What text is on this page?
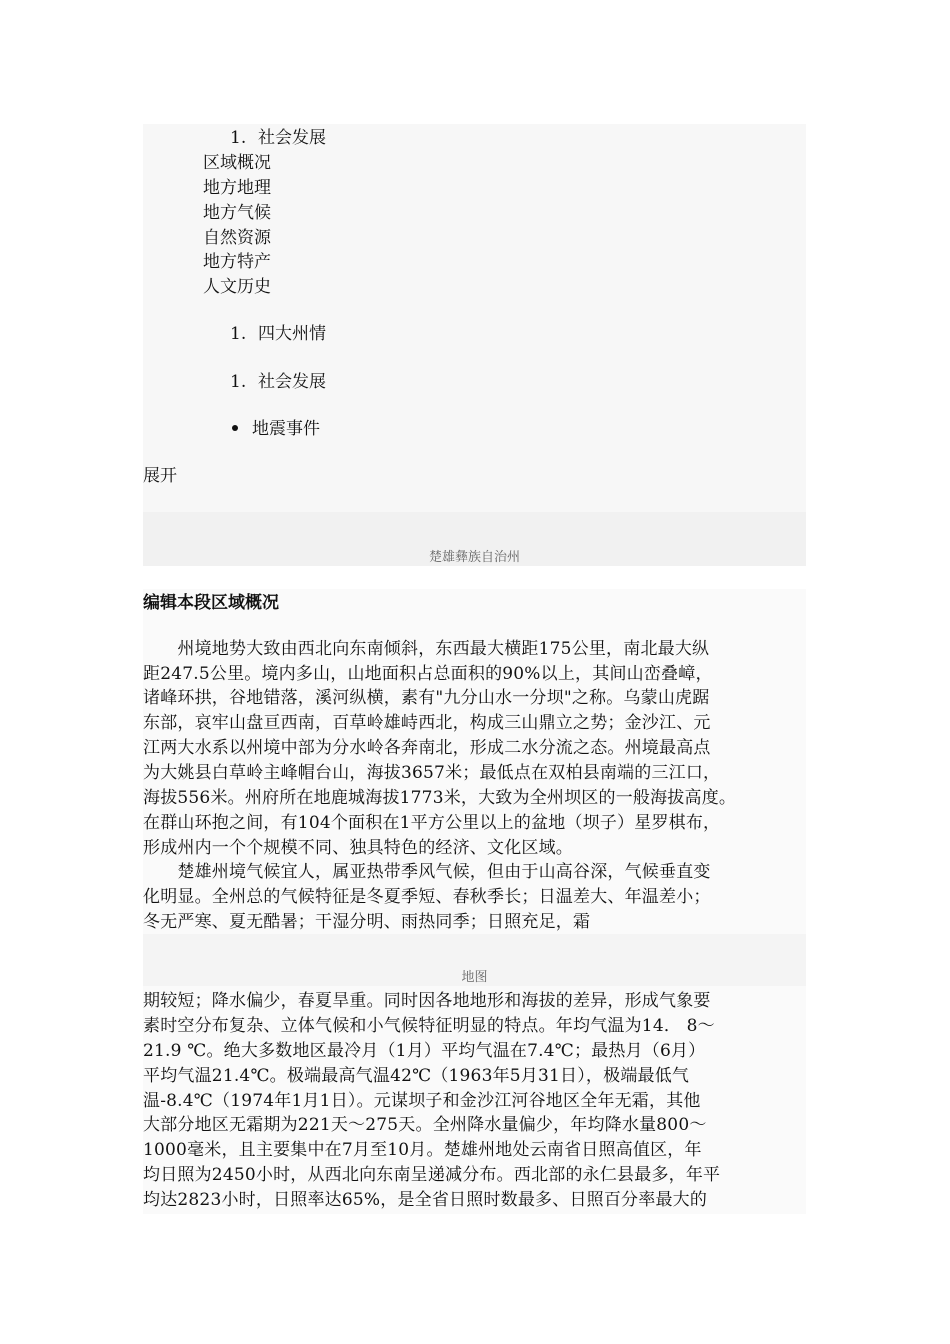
1. 社会发展
区域概况
地方地理
地方气候
自然资源
地方特产
人文历史
1. 四大州情
1. 社会发展
地震事件
展开
楚雄彝族自治州
编辑本段区域概况
　　州境地势大致由西北向东南倾斜，东西最大横距175公里，南北最大纵
距247.5公里。境内多山，山地面积占总面积的90%以上，其间山峦叠嶂，
诸峰环拱，谷地错落，溪河纵横，素有"九分山水一分坝"之称。乌蒙山虎踞
东部，哀牢山盘亘西南，百草岭雄峙西北，构成三山鼎立之势；金沙江、元
江两大水系以州境中部为分水岭各奔南北，形成二水分流之态。州境最高点
为大姚县白草岭主峰帽台山，海拔3657米；最低点在双柏县南端的三江口，
海拔556米。州府所在地鹿城海拔1773米，大致为全州坝区的一般海拔高度。
在群山环抱之间，有104个面积在1平方公里以上的盆地（坝子）星罗棋布，
形成州内一个个规模不同、独具特色的经济、文化区域。
　　楚雄州境气候宜人，属亚热带季风气候，但由于山高谷深，气候垂直变
化明显。全州总的气候特征是冬夏季短、春秋季长；日温差大、年温差小；
冬无严寒、夏无酷暑；干湿分明、雨热同季；日照充足，霜
地图
期较短；降水偏少，春夏旱重。同时因各地地形和海拔的差异，形成气象要
素时空分布复杂、立体气候和小气候特征明显的特点。年均气温为14． 8～
21.9 ℃。绝大多数地区最冷月（1月）平均气温在7.4℃；最热月（6月）
平均气温21.4℃。极端最高气温42℃（1963年5月31日），极端最低气
温-8.4℃（1974年1月1日）。元谋坝子和金沙江河谷地区全年无霜，其他
大部分地区无霜期为221天～275天。全州降水量偏少，年均降水量800～
1000毫米，且主要集中在7月至10月。楚雄州地处云南省日照高值区，年
均日照为2450小时，从西北向东南呈递减分布。西北部的永仁县最多，年平
均达2823小时，日照率达65%，是全省日照时数最多、日照百分率最大的
